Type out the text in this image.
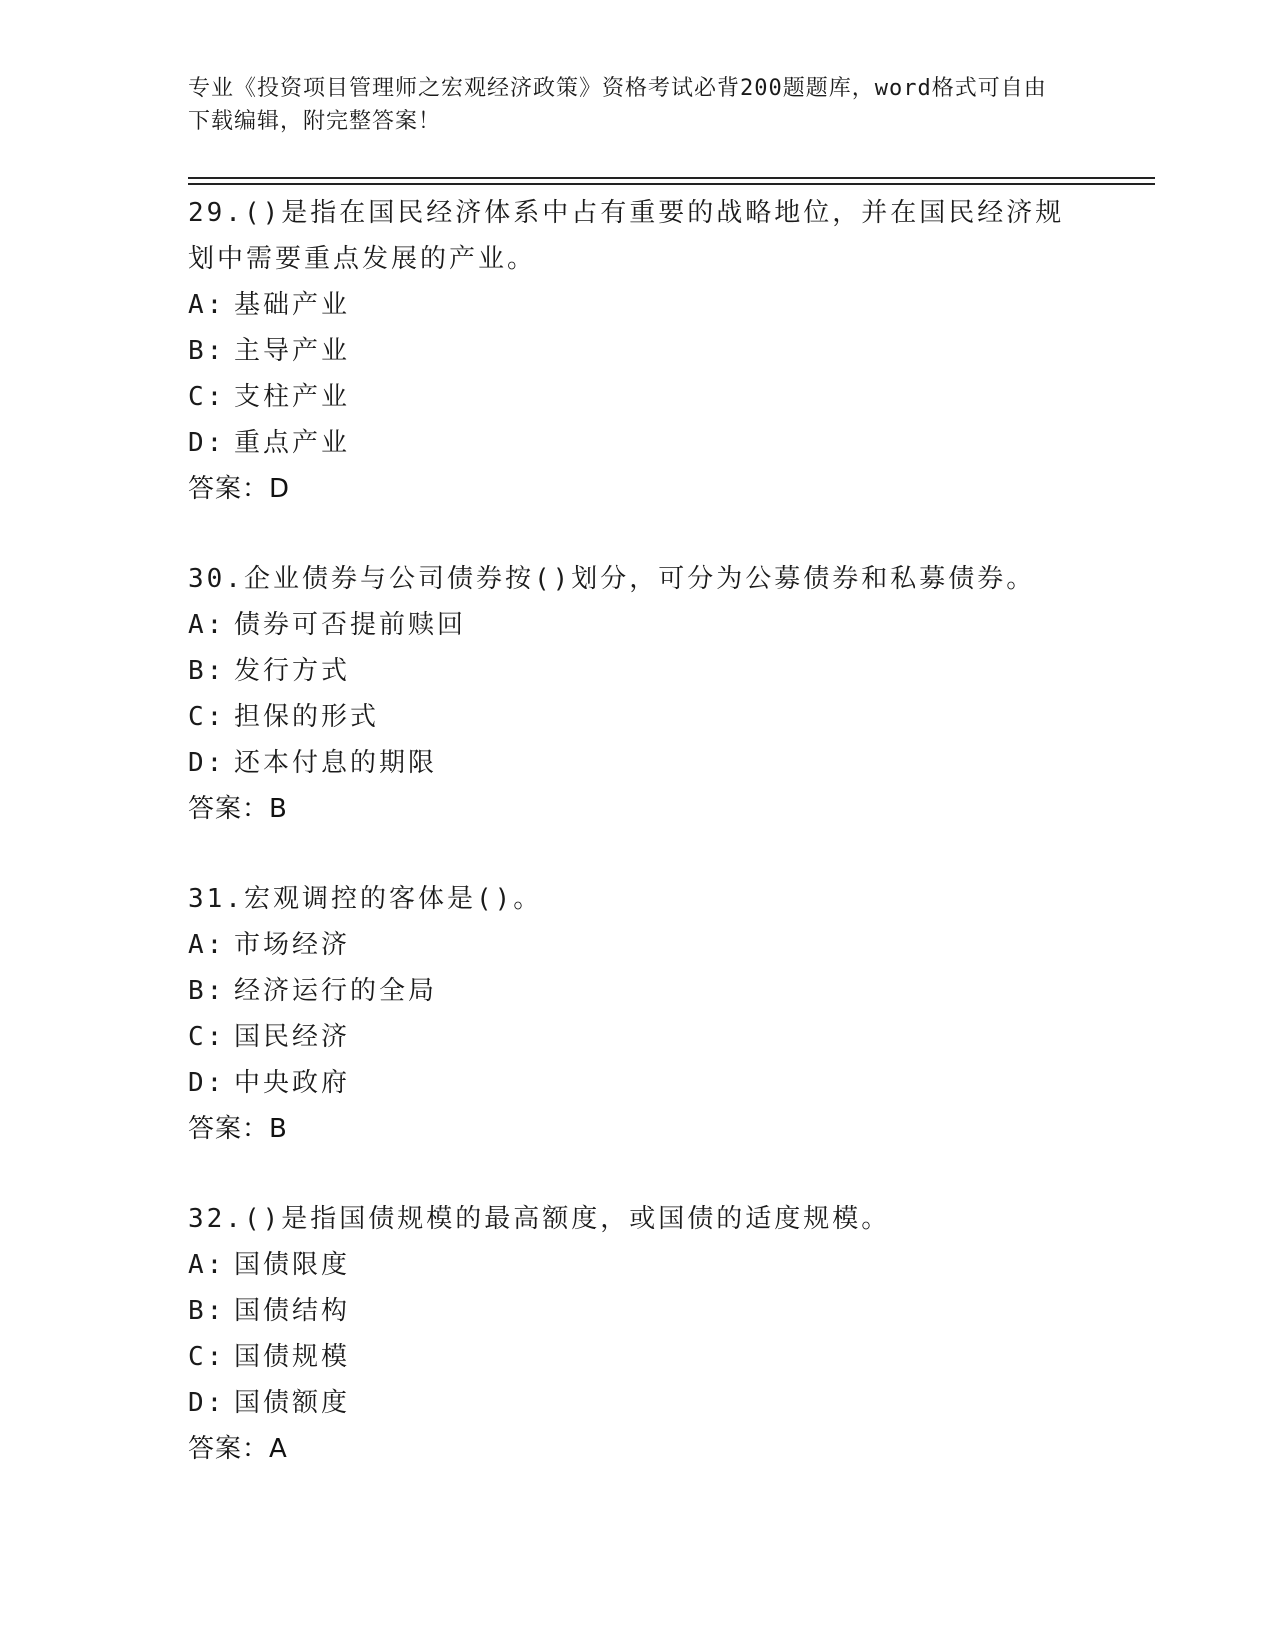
专业《投资项目管理师之宏观经济政策》资格考试必背200题题库，word格式可自由下载编辑，附完整答案！
29.()是指在国民经济体系中占有重要的战略地位，并在国民经济规划中需要重点发展的产业。
A: 基础产业
B: 主导产业
C: 支柱产业
D: 重点产业
答案：D
30.企业债券与公司债券按()划分，可分为公募债券和私募债券。
A: 债券可否提前赎回
B: 发行方式
C: 担保的形式
D: 还本付息的期限
答案：B
31.宏观调控的客体是()。
A: 市场经济
B: 经济运行的全局
C: 国民经济
D: 中央政府
答案：B
32.()是指国债规模的最高额度，或国债的适度规模。
A: 国债限度
B: 国债结构
C: 国债规模
D: 国债额度
答案：A
